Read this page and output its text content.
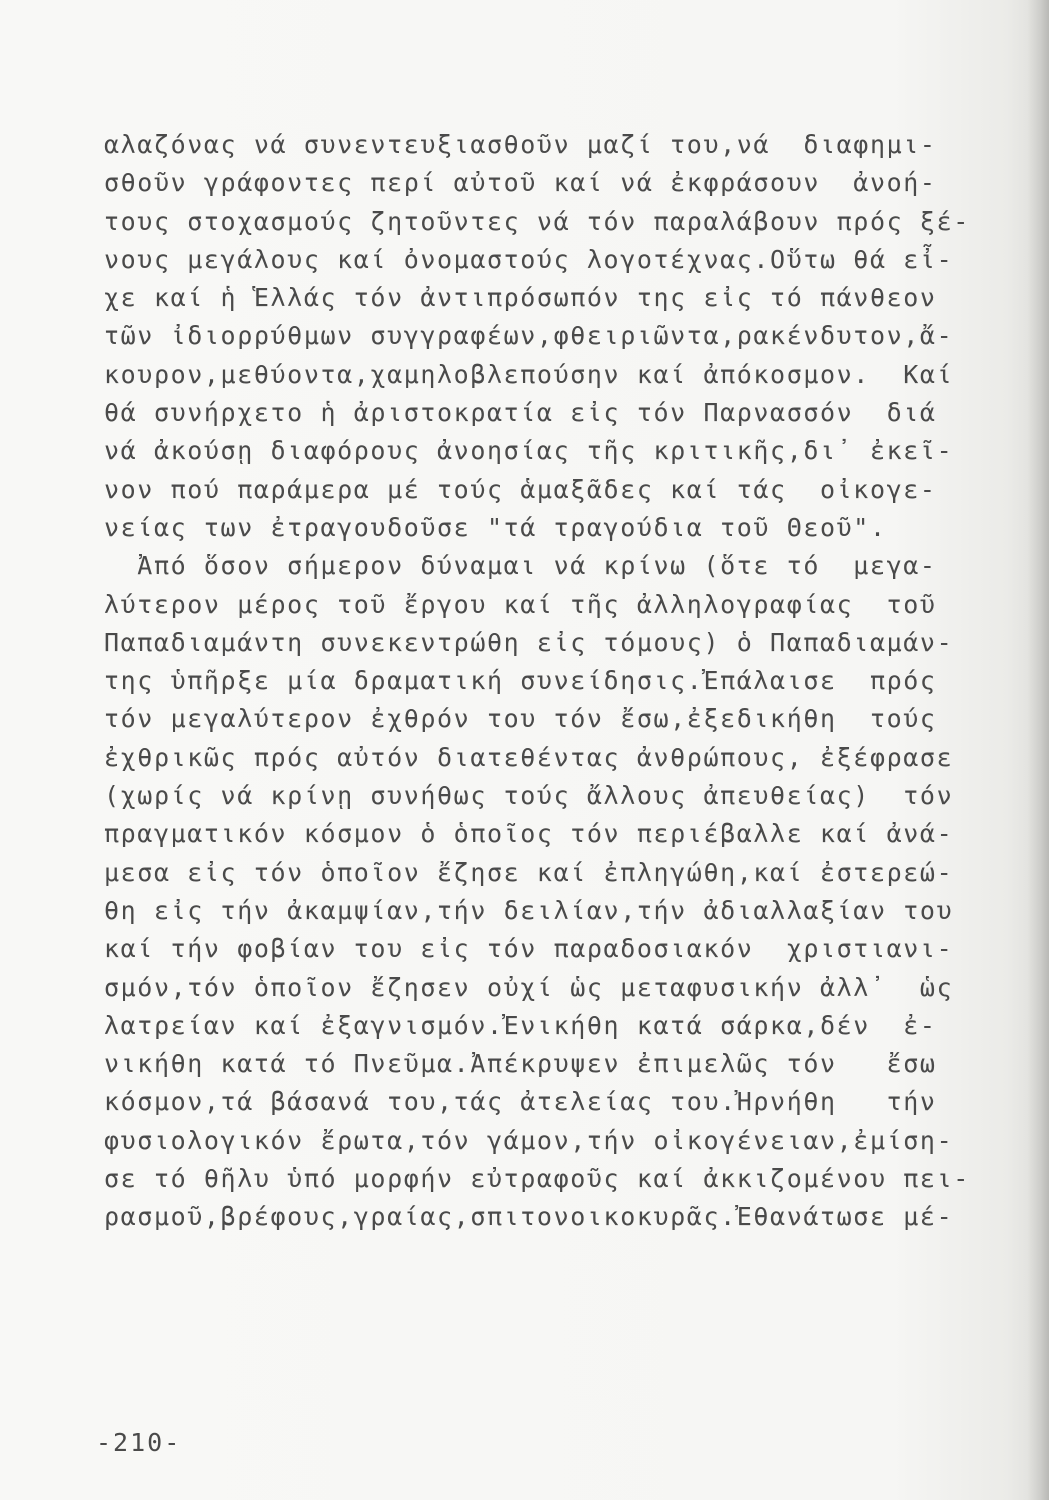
αλαζόνας νά συνεντευξιασθοῦν μαζί του,νά  διαφημι-
σθοῦν γράφοντες περί αὐτοῦ καί νά ἐκφράσουν  ἀνοή-
τους στοχασμούς ζητοῦντες νά τόν παραλάβουν πρός ξέ-
νους μεγάλους καί ὀνομαστούς λογοτέχνας.Οὕτω θά εἶ-
χε καί ἡ Ἑλλάς τόν ἀντιπρόσωπόν της εἰς τό πάνθεον
τῶν ἰδιορρύθμων συγγραφέων,φθειριῶντα,ρακένδυτον,ἄ-
κουρον,μεθύοντα,χαμηλοβλεπούσην καί ἀπόκοσμον.  Καί
θά συνήρχετο ἡ ἀριστοκρατία εἰς τόν Παρνασσόν  διά
νά ἀκούσῃ διαφόρους ἀνοησίας τῆς κριτικῆς,δι᾽ ἐκεῖ-
νον πού παράμερα μέ τούς ἁμαξᾶδες καί τάς  οἰκογε-
νείας των ἐτραγουδοῦσε "τά τραγούδια τοῦ Θεοῦ".
Ἀπό ὅσον σήμερον δύναμαι νά κρίνω (ὅτε τό  μεγα-
λύτερον μέρος τοῦ ἔργου καί τῆς ἀλληλογραφίας  τοῦ
Παπαδιαμάντη συνεκεντρώθη εἰς τόμους) ὁ Παπαδιαμάν-
της ὑπῆρξε μία δραματική συνείδησις.Ἐπάλαισε  πρός
τόν μεγαλύτερον ἐχθρόν του τόν ἔσω,ἐξεδικήθη  τούς
ἐχθρικῶς πρός αὐτόν διατεθέντας ἀνθρώπους, ἐξέφρασε
(χωρίς νά κρίνῃ συνήθως τούς ἄλλους ἀπευθείας)  τόν
πραγματικόν κόσμον ὁ ὁποῖος τόν περιέβαλλε καί ἀνά-
μεσα εἰς τόν ὁποῖον ἔζησε καί ἐπληγώθη,καί ἐστερεώ-
θη εἰς τήν ἀκαμψίαν,τήν δειλίαν,τήν ἀδιαλλαξίαν του
καί τήν φοβίαν του εἰς τόν παραδοσιακόν  χριστιανι-
σμόν,τόν ὁποῖον ἔζησεν οὐχί ὡς μεταφυσικήν ἀλλ᾽  ὡς
λατρείαν καί ἐξαγνισμόν.Ἐνικήθη κατά σάρκα,δέν  ἐ-
νικήθη κατά τό Πνεῦμα.Ἀπέκρυψεν ἐπιμελῶς τόν   ἔσω
κόσμον,τά βάσανά του,τάς ἀτελείας του.Ἠρνήθη   τήν
φυσιολογικόν ἔρωτα,τόν γάμον,τήν οἰκογένειαν,ἐμίση-
σε τό θῆλυ ὑπό μορφήν εὐτραφοῦς καί ἀκκιζομένου πει-
ρασμοῦ,βρέφους,γραίας,σπιτονοικοκυρᾶς.Ἐθανάτωσε μέ-
-210-
